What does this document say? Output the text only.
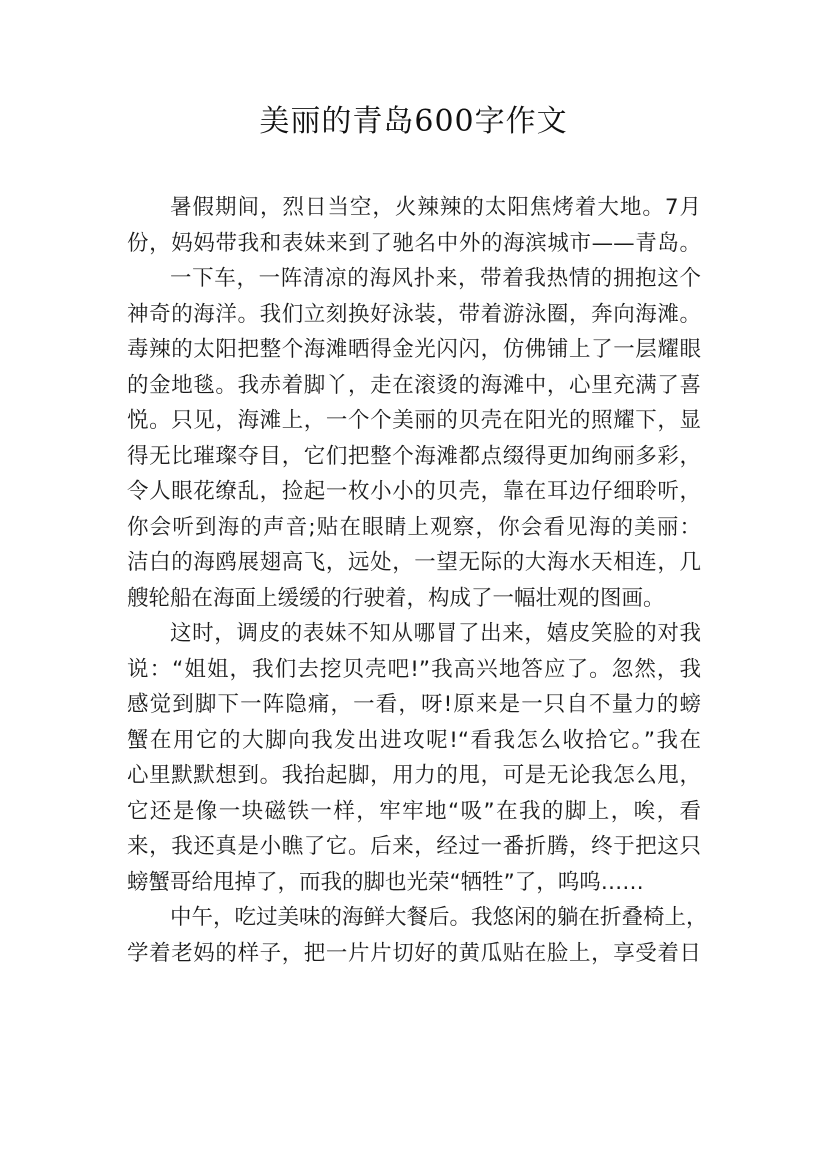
美丽的青岛600字作文
暑假期间，烈日当空，火辣辣的太阳焦烤着大地。7月
份，妈妈带我和表妹来到了驰名中外的海滨城市——青岛。
一下车，一阵清凉的海风扑来，带着我热情的拥抱这个
神奇的海洋。我们立刻换好泳装，带着游泳圈，奔向海滩。
毒辣的太阳把整个海滩晒得金光闪闪，仿佛铺上了一层耀眼
的金地毯。我赤着脚丫，走在滚烫的海滩中，心里充满了喜
悦。只见，海滩上，一个个美丽的贝壳在阳光的照耀下，显
得无比璀璨夺目，它们把整个海滩都点缀得更加绚丽多彩，
令人眼花缭乱，捡起一枚小小的贝壳，靠在耳边仔细聆听，
你会听到海的声音;贴在眼睛上观察，你会看见海的美丽：
洁白的海鸥展翅高飞，远处，一望无际的大海水天相连，几
艘轮船在海面上缓缓的行驶着，构成了一幅壮观的图画。
这时，调皮的表妹不知从哪冒了出来，嬉皮笑脸的对我
说：“姐姐，我们去挖贝壳吧!”我高兴地答应了。忽然，我
感觉到脚下一阵隐痛，一看，呀!原来是一只自不量力的螃
蟹在用它的大脚向我发出进攻呢!“看我怎么收拾它。”我在
心里默默想到。我抬起脚，用力的甩，可是无论我怎么甩，
它还是像一块磁铁一样，牢牢地“吸”在我的脚上，唉，看
来，我还真是小瞧了它。后来，经过一番折腾，终于把这只
螃蟹哥给甩掉了，而我的脚也光荣“牺牲”了，呜呜……
中午，吃过美味的海鲜大餐后。我悠闲的躺在折叠椅上，
学着老妈的样子，把一片片切好的黄瓜贴在脸上，享受着日
